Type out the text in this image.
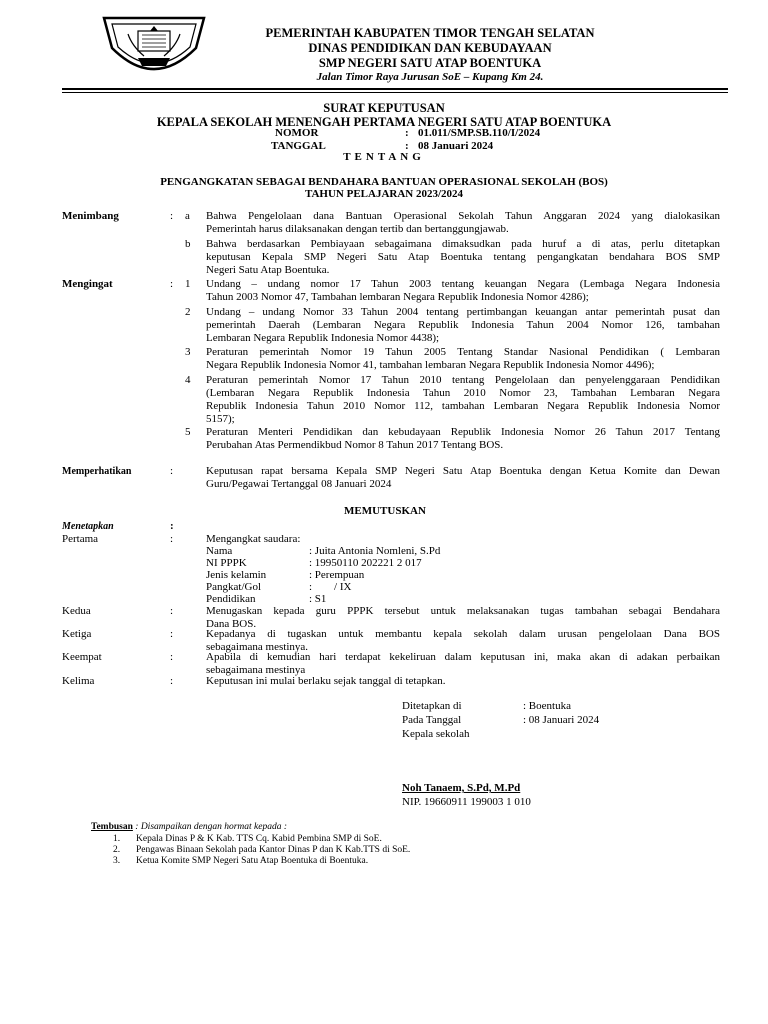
PEMERINTAH KABUPATEN TIMOR TENGAH SELATAN
DINAS PENDIDIKAN DAN KEBUDAYAAN
SMP NEGERI SATU ATAP BOENTUKA
Jalan Timor Raya Jurusan SoE – Kupang Km 24.
SURAT KEPUTUSAN
KEPALA SEKOLAH MENENGAH PERTAMA NEGERI SATU ATAP BOENTUKA
NOMOR	: 01.011/SMP.SB.110/I/2024
TANGGAL	: 08 Januari 2024
TENTANG
PENGANGKATAN SEBAGAI BENDAHARA BANTUAN OPERASIONAL SEKOLAH (BOS)
TAHUN PELAJARAN 2023/2024
Menimbang	: a Bahwa Pengelolaan dana Bantuan Operasional Sekolah Tahun Anggaran 2024 yang dialokasikan
Pemerintah harus dilaksanakan dengan tertib dan bertanggungjawab.
b Bahwa berdasarkan Pembiayaan sebagaimana dimaksudkan pada huruf a di atas, perlu ditetapkan
keputusan Kepala SMP Negeri Satu Atap Boentuka tentang pengangkatan bendahara BOS SMP
Negeri Satu Atap Boentuka.
Mengingat	: 1 Undang – undang nomor 17 Tahun 2003 tentang keuangan Negara (Lembaga Negara Indonesia
Tahun 2003 Nomor 47, Tambahan lembaran Negara Republik Indonesia Nomor 4286);
2 Undang – undang Nomor 33 Tahun 2004 tentang pertimbangan keuangan antar pemerintah pusat dan
pemerintah Daerah (Lembaran Negara Republik Indonesia Tahun 2004 Nomor 126, tambahan
Lembaran Negara Republik Indonesia Nomor 4438);
3 Peraturan pemerintah Nomor 19 Tahun 2005 Tentang Standar Nasional Pendidikan ( Lembaran
Negara Republik Indonesia Nomor 41, tambahan lembaran Negara Republik Indonesia Nomor 4496);
4 Peraturan pemerintah Nomor 17 Tahun 2010 tentang Pengelolaan dan penyelenggaraan Pendidikan
(Lembaran Negara Republik Indonesia Tahun 2010 Nomor 23, Tambahan Lembaran Negara
Republik Indonesia Tahun 2010 Nomor 112, tambahan Lembaran Negara Republik Indonesia Nomor
5157);
5 Peraturan Menteri Pendidikan dan kebudayaan Republik Indonesia Nomor 26 Tahun 2017 Tentang
Perubahan Atas Permendikbud Nomor 8 Tahun 2017 Tentang BOS.
Memperhatikan	:	Keputusan rapat bersama Kepala SMP Negeri Satu Atap Boentuka dengan Ketua Komite dan Dewan
Guru/Pegawai Tertanggal 08 Januari 2024
MEMUTUSKAN
Menetapkan	:
Pertama	:	Mengangkat saudara:
Nama	: Juita Antonia Nomleni, S.Pd
NI PPPK	: 19950110 202221 2 017
Jenis kelamin	: Perempuan
Pangkat/Gol	:        / IX
Pendidikan	: S1
Kedua	:	Menugaskan kepada guru PPPK tersebut untuk melaksanakan tugas tambahan sebagai Bendahara
Dana BOS.
Ketiga	:	Kepadanya di tugaskan untuk membantu kepala sekolah dalam urusan pengelolaan Dana BOS
sebagaimana mestinya.
Keempat	:	Apabila di kemudian hari terdapat kekeliruan dalam keputusan ini, maka akan di adakan perbaikan
sebagaimana mestinya
Kelima	:	Keputusan ini mulai berlaku sejak tanggal di tetapkan.
Ditetapkan di	: Boentuka
Pada Tanggal	: 08 Januari 2024
Kepala sekolah
Noh Tanaem, S.Pd, M.Pd
NIP. 19660911 199003 1 010
Tembusan : Disampaikan dengan hormat kepada :
1. Kepala Dinas P & K Kab. TTS Cq. Kabid Pembina SMP di SoE.
2. Pengawas Binaan Sekolah pada Kantor Dinas P dan K Kab.TTS di SoE.
3. Ketua Komite SMP Negeri Satu Atap Boentuka di Boentuka.
